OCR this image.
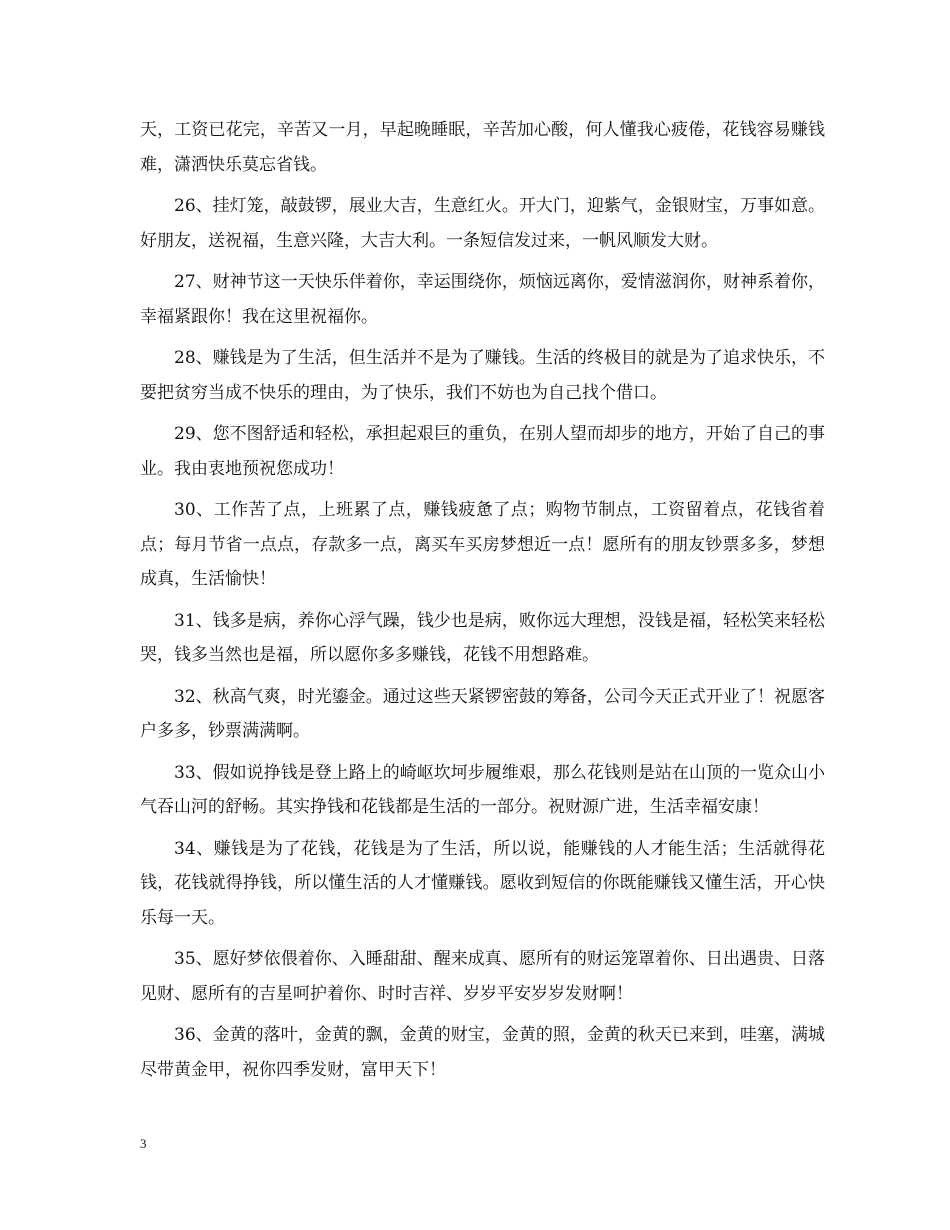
天，工资已花完，辛苦又一月，早起晚睡眠，辛苦加心酸，何人懂我心疲倦，花钱容易赚钱难，潇洒快乐莫忘省钱。

26、挂灯笼，敲鼓锣，展业大吉，生意红火。开大门，迎紫气，金银财宝，万事如意。好朋友，送祝福，生意兴隆，大吉大利。一条短信发过来，一帆风顺发大财。

27、财神节这一天快乐伴着你，幸运围绕你，烦恼远离你，爱情滋润你，财神系着你，幸福紧跟你！我在这里祝福你。

28、赚钱是为了生活，但生活并不是为了赚钱。生活的终极目的就是为了追求快乐，不要把贫穷当成不快乐的理由，为了快乐，我们不妨也为自己找个借口。

29、您不图舒适和轻松，承担起艰巨的重负，在别人望而却步的地方，开始了自己的事业。我由衷地预祝您成功！

30、工作苦了点，上班累了点，赚钱疲惫了点；购物节制点，工资留着点，花钱省着点；每月节省一点点，存款多一点，离买车买房梦想近一点！愿所有的朋友钞票多多，梦想成真，生活愉快！

31、钱多是病，养你心浮气躁，钱少也是病，败你远大理想，没钱是福，轻松笑来轻松哭，钱多当然也是福，所以愿你多多赚钱，花钱不用想路难。

32、秋高气爽，时光鎏金。通过这些天紧锣密鼓的筹备，公司今天正式开业了！祝愿客户多多，钞票满满啊。

33、假如说挣钱是登上路上的崎岖坎坷步履维艰，那么花钱则是站在山顶的一览众山小气吞山河的舒畅。其实挣钱和花钱都是生活的一部分。祝财源广进，生活幸福安康！

34、赚钱是为了花钱，花钱是为了生活，所以说，能赚钱的人才能生活；生活就得花钱，花钱就得挣钱，所以懂生活的人才懂赚钱。愿收到短信的你既能赚钱又懂生活，开心快乐每一天。

35、愿好梦依偎着你、入睡甜甜、醒来成真、愿所有的财运笼罩着你、日出遇贵、日落见财、愿所有的吉星呵护着你、时时吉祥、岁岁平安岁岁发财啊！

36、金黄的落叶，金黄的飘，金黄的财宝，金黄的照，金黄的秋天已来到，哇塞，满城尽带黄金甲，祝你四季发财，富甲天下！

3
